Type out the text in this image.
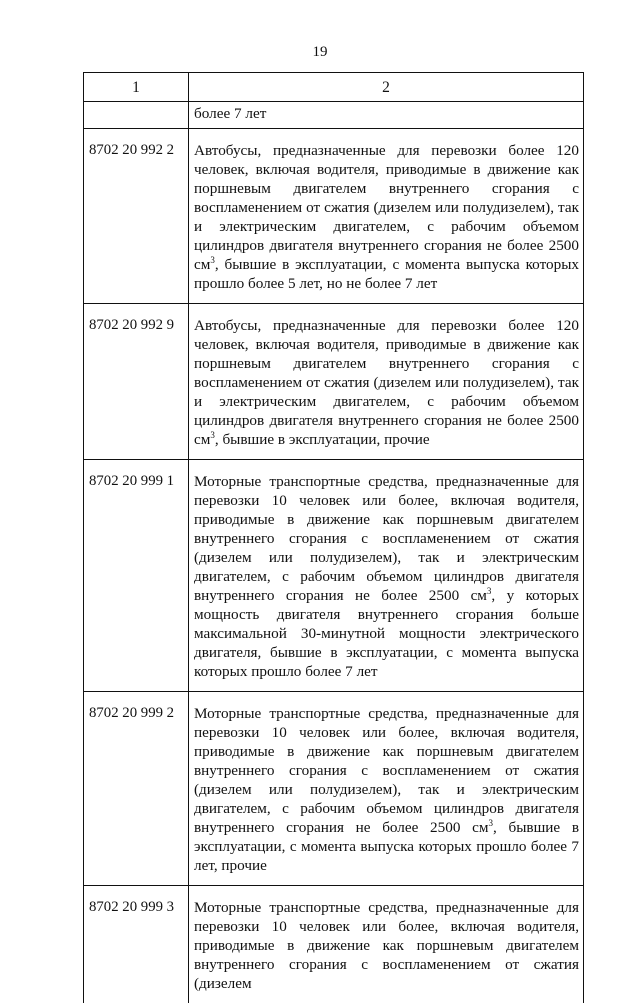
19
1	2
	более 7 лет
8702 20 992 2	Автобусы, предназначенные для перевозки более 120 человек, включая водителя, приводимые в движение как поршневым двигателем внутреннего сгорания с воспламенением от сжатия (дизелем или полудизелем), так и электрическим двигателем, с рабочим объемом цилиндров двигателя внутреннего сгорания не более 2500 $см^3$, бывшие в эксплуатации, с момента выпуска которых прошло более 5 лет, но не более 7 лет
8702 20 992 9	Автобусы, предназначенные для перевозки более 120 человек, включая водителя, приводимые в движение как поршневым двигателем внутреннего сгорания с воспламенением от сжатия (дизелем или полудизелем), так и электрическим двигателем, с рабочим объемом цилиндров двигателя внутреннего сгорания не более 2500 $см^3$, бывшие в эксплуатации, прочие
8702 20 999 1	Моторные транспортные средства, предназначенные для перевозки 10 человек или более, включая водителя, приводимые в движение как поршневым двигателем внутреннего сгорания с воспламенением от сжатия (дизелем или полудизелем), так и электрическим двигателем, с рабочим объемом цилиндров двигателя внутреннего сгорания не более 2500 $см^3$, у которых мощность двигателя внутреннего сгорания больше максимальной 30-минутной мощности электрического двигателя, бывшие в эксплуатации, с момента выпуска которых прошло более 7 лет
8702 20 999 2	Моторные транспортные средства, предназначенные для перевозки 10 человек или более, включая водителя, приводимые в движение как поршневым двигателем внутреннего сгорания с воспламенением от сжатия (дизелем или полудизелем), так и электрическим двигателем, с рабочим объемом цилиндров двигателя внутреннего сгорания не более 2500 $см^3$, бывшие в эксплуатации, с момента выпуска которых прошло более 7 лет, прочие
8702 20 999 3	Моторные транспортные средства, предназначенные для перевозки 10 человек или более, включая водителя, приводимые в движение как поршневым двигателем внутреннего сгорания с воспламенением от сжатия (дизелем
